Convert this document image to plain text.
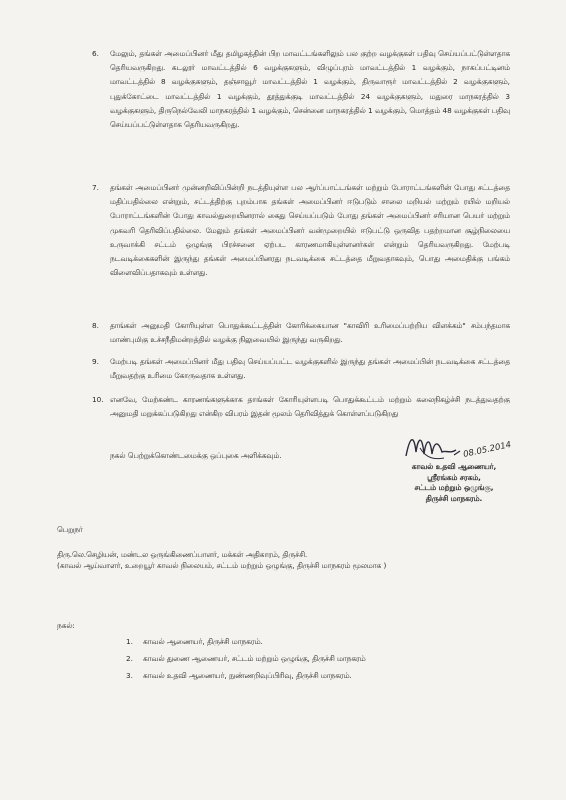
6. மேலும், தங்கள் அமைப்பினர் மீது தமிழகத்தின் பிற மாவட்டங்களிலும் பல குற்ற வழக்குகள் பதிவு செய்யப்பட்டுள்ளதாக தெரியவருகிறது. கடலூர் மாவட்டத்தில் 6 வழக்குகளும், விழுப்புரம் மாவட்டத்தில் 1 வழக்கும், நாகப்பட்டினம் மாவட்டத்தில் 8 வழக்குகளும், தஞ்சாவூர் மாவட்டத்தில் 1 வழக்கும், திருவாரூர் மாவட்டத்தில் 2 வழக்குகளும், புதுக்கோட்டை மாவட்டத்தில் 1 வழக்கும், தூத்துக்குடி மாவட்டத்தில் 24 வழக்குகளும், மதுரை மாநகரத்தில் 3 வழக்குகளும், திருநெல்வேலி மாநகரத்தில் 1 வழக்கும், சென்னை மாநகரத்தில் 1 வழக்கும், மொத்தம் 48 வழக்குகள் பதிவு செய்யப்பட்டுள்ளதாக தெரியவருகிறது.
7. தங்கள் அமைப்பினர் முன்னறிவிப்பின்றி நடத்தியுள்ள பல ஆர்ப்பாட்டங்கள் மற்றும் போராட்டங்களின் போது சட்டத்தை மதிப்பதில்லை என்றும், சட்டத்திற்கு புறம்பாக தங்கள் அமைப்பினர் ஈடுபடும் சாலை மறியல் மற்றும் ரயில் மறியல் போராட்டங்களின் போது காவல்துறையினரால் கைது செய்யப்படும் போது தங்கள் அமைப்பினர் சரியான பெயர் மற்றும் முகவரி தெரிவிப்பதில்லை. மேலும் தங்கள் அமைப்பினர் வன்முறையில் ஈடுபட்டு ஒருவித பதற்றமான சூழ்நிலையை உருவாக்கி சட்டம் ஒழுங்கு பிரச்சனை ஏற்பட காரணமாகியுள்ளனர்கள் என்றும் தெரியவருகிறது. மேற்படி நடவடிக்கைகளின் இருந்து தங்கள் அமைப்பினரது நடவடிக்கை சட்டத்தை மீறுவதாகவும், பொது அமைதிக்கு பங்கம் விளைவிப்பதாகவும் உள்ளது.
8. தாங்கள் அனுமதி கோரியுள்ள பொதுக்கூட்டத்தின் கோரிக்கையான "காவிரி உரிமைப்பற்றிய விளக்கம்" சம்பந்தமாக மாண்புமிகு உச்சநீதிமன்றத்தில் வழக்கு நிலுவையில் இருந்து வருகிறது.
9. மேற்படி தங்கள் அமைப்பினர் மீது பதிவு செய்யப்பட்ட வழக்குகளில் இருந்து தங்கள் அமைப்பின் நடவடிக்கை சட்டத்தை மீறுவதற்கு உரிமை கோருவதாக உள்ளது.
10. எனவே, மேற்கண்ட காரணங்களுக்காக தாங்கள் கோரியுள்ளபடி பொதுக்கூட்டம் மற்றும் கலைநிகழ்ச்சி நடத்துவதற்கு அனுமதி மறுக்கப்படுகிறது என்கிற விபரம் இதன் மூலம் தெரிவித்துக் கொள்ளப்படுகிறது
நகல் பெற்றுக்கொண்டமைக்கு ஒப்புகை அளிக்கவும்.	08.05.2014
காவல் உதவி ஆணையர்,
ஸ்ரீரங்கம் சரகம்,
சட்டம் மற்றும் ஒழுங்கு,
திருச்சி மாநகரம்.
பெறுநர்
திரு.லெ.செழியன், மண்டல ஒருங்கிணைப்பாளர், மக்கள் அதிகாரம், திருச்சி.
(காவல் ஆய்வாளர், உறையூர் காவல் நிலையம், சட்டம் மற்றும் ஒழுங்கு, திருச்சி மாநகரம் மூலமாக )
நகல்:
1. காவல் ஆணையர், திருச்சி மாநகரம்.
2. காவல் துணை ஆணையர், சட்டம் மற்றும் ஒழுங்கு, திருச்சி மாநகரம்
3. காவல் உதவி ஆணையர், நுண்ணறிவுப்பிரிவு, திருச்சி மாநகரம்.
